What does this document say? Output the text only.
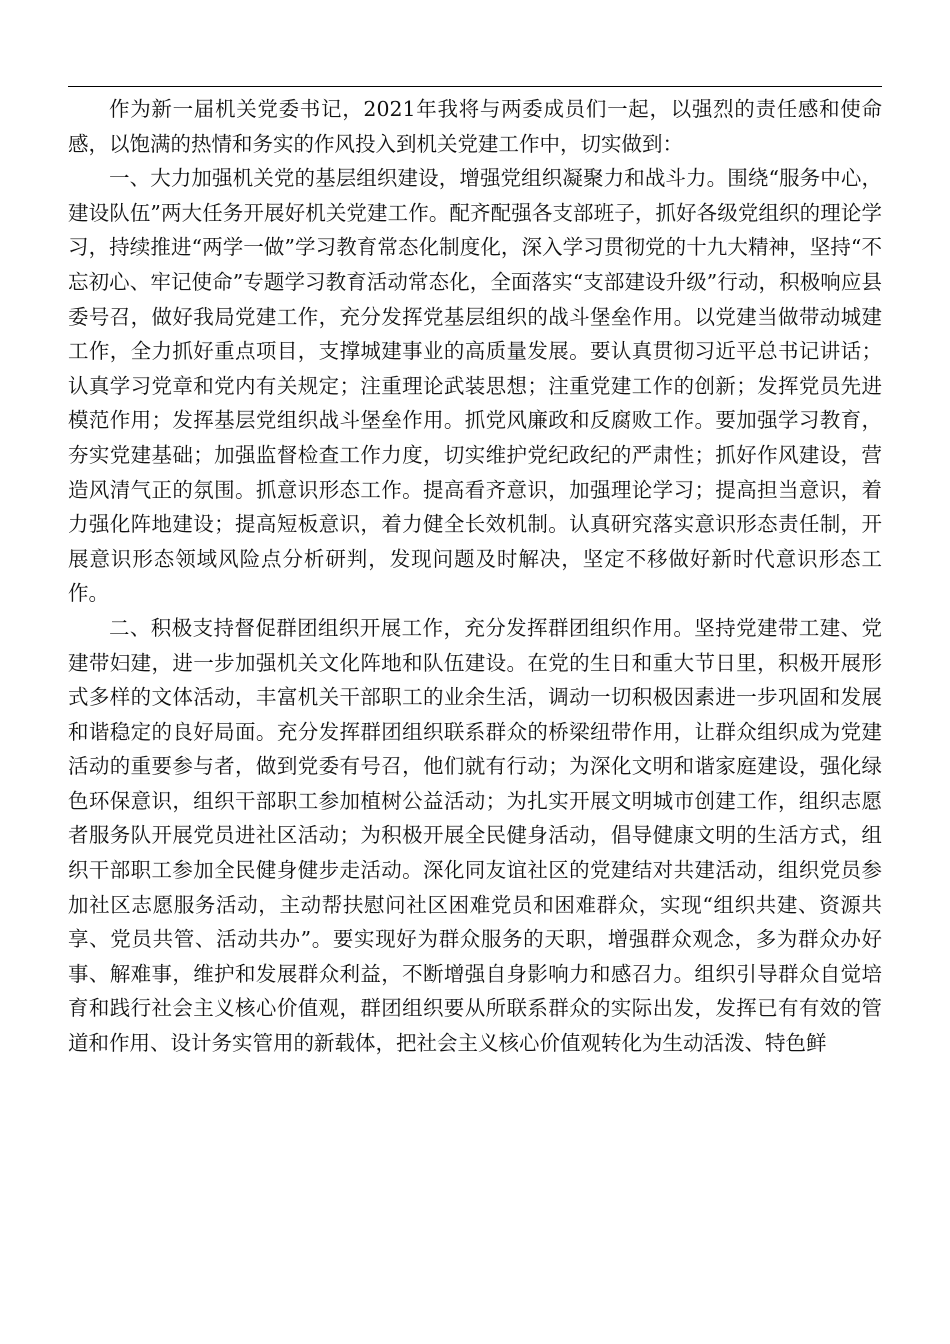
作为新一届机关党委书记，2021年我将与两委成员们一起，以强烈的责任感和使命感，以饱满的热情和务实的作风投入到机关党建工作中，切实做到：

一、大力加强机关党的基层组织建设，增强党组织凝聚力和战斗力。围绕“服务中心，建设队伍”两大任务开展好机关党建工作。配齐配强各支部班子，抓好各级党组织的理论学习，持续推进“两学一做”学习教育常态化制度化，深入学习贯彻党的十九大精神，坚持“不忘初心、牢记使命”专题学习教育活动常态化，全面落实“支部建设升级”行动，积极响应县委号召，做好我局党建工作，充分发挥党基层组织的战斗堡垒作用。以党建当做带动城建工作，全力抓好重点项目，支撑城建事业的高质量发展。要认真贯彻习近平总书记讲话；认真学习党章和党内有关规定；注重理论武装思想；注重党建工作的创新；发挥党员先进模范作用；发挥基层党组织战斗堡垒作用。抓党风廉政和反腐败工作。要加强学习教育，夯实党建基础；加强监督检查工作力度，切实维护党纪政纪的严肃性；抓好作风建设，营造风清气正的氛围。抓意识形态工作。提高看齐意识，加强理论学习；提高担当意识，着力强化阵地建设；提高短板意识，着力健全长效机制。认真研究落实意识形态责任制，开展意识形态领域风险点分析研判，发现问题及时解决，坚定不移做好新时代意识形态工作。

二、积极支持督促群团组织开展工作，充分发挥群团组织作用。坚持党建带工建、党建带妇建，进一步加强机关文化阵地和队伍建设。在党的生日和重大节日里，积极开展形式多样的文体活动，丰富机关干部职工的业余生活，调动一切积极因素进一步巩固和发展和谐稳定的良好局面。充分发挥群团组织联系群众的桥梁纽带作用，让群众组织成为党建活动的重要参与者，做到党委有号召，他们就有行动；为深化文明和谐家庭建设，强化绿色环保意识，组织干部职工参加植树公益活动；为扎实开展文明城市创建工作，组织志愿者服务队开展党员进社区活动；为积极开展全民健身活动，倡导健康文明的生活方式，组织干部职工参加全民健身健步走活动。深化同友谊社区的党建结对共建活动，组织党员参加社区志愿服务活动，主动帮扶慰问社区困难党员和困难群众，实现“组织共建、资源共享、党员共管、活动共办”。要实现好为群众服务的天职，增强群众观念，多为群众办好事、解难事，维护和发展群众利益，不断增强自身影响力和感召力。组织引导群众自觉培育和践行社会主义核心价值观，群团组织要从所联系群众的实际出发，发挥已有有效的管道和作用、设计务实管用的新载体，把社会主义核心价值观转化为生动活泼、特色鲜
